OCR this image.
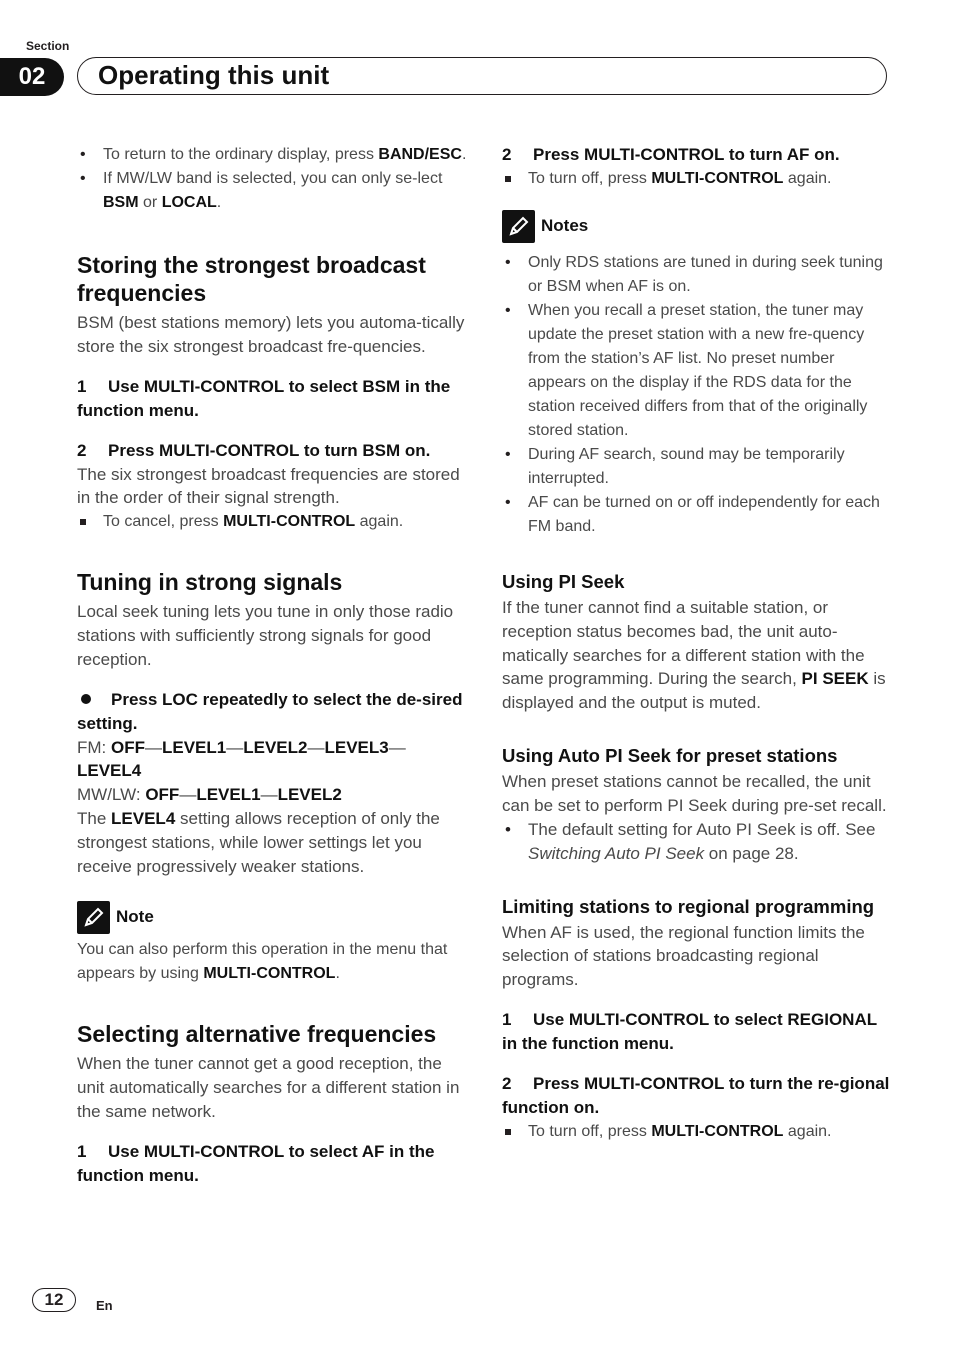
Section
02	Operating this unit
• To return to the ordinary display, press BAND/ESC.
• If MW/LW band is selected, you can only se-lect BSM or LOCAL.
Storing the strongest broadcast frequencies

BSM (best stations memory) lets you automa-tically store the six strongest broadcast fre-quencies.

1 Use MULTI-CONTROL to select BSM in the function menu.

2 Press MULTI-CONTROL to turn BSM on.

The six strongest broadcast frequencies are stored in the order of their signal strength.

To cancel, press MULTI-CONTROL again.
Tuning in strong signals

Local seek tuning lets you tune in only those radio stations with sufficiently strong signals for good reception.

Press LOC repeatedly to select the de-sired setting.

FM: OFF—LEVEL1—LEVEL2—LEVEL3—
LEVEL4

MW/LW: OFF—LEVEL1—LEVEL2

The LEVEL4 setting allows reception of only the strongest stations, while lower settings let you receive progressively weaker stations.

Note

You can also perform this operation in the menu that appears by using MULTI-CONTROL.

Selecting alternative frequencies

When the tuner cannot get a good reception, the unit automatically searches for a different station in the same network.

1 Use MULTI-CONTROL to select AF in the function menu.

2 Press MULTI-CONTROL to turn AF on.

To turn off, press MULTI-CONTROL again.
Notes
• Only RDS stations are tuned in during seek tuning or BSM when AF is on.
• When you recall a preset station, the tuner may update the preset station with a new fre-quency from the station’s AF list. No preset number appears on the display if the RDS data for the station received differs from that of the originally stored station.
• During AF search, sound may be temporarily interrupted.
• AF can be turned on or off independently for each FM band.
Using PI Seek

If the tuner cannot find a suitable station, or reception status becomes bad, the unit auto-matically searches for a different station with the same programming. During the search, PI SEEK is displayed and the output is muted.

Using Auto PI Seek for preset stations

When preset stations cannot be recalled, the unit can be set to perform PI Seek during pre-set recall.

• The default setting for Auto PI Seek is off. See Switching Auto PI Seek on page 28.
Limiting stations to regional programming

When AF is used, the regional function limits the selection of stations broadcasting regional programs.

1 Use MULTI-CONTROL to select REGIONAL in the function menu.

2 Press MULTI-CONTROL to turn the re-gional function on.

To turn off, press MULTI-CONTROL again.
12	En
